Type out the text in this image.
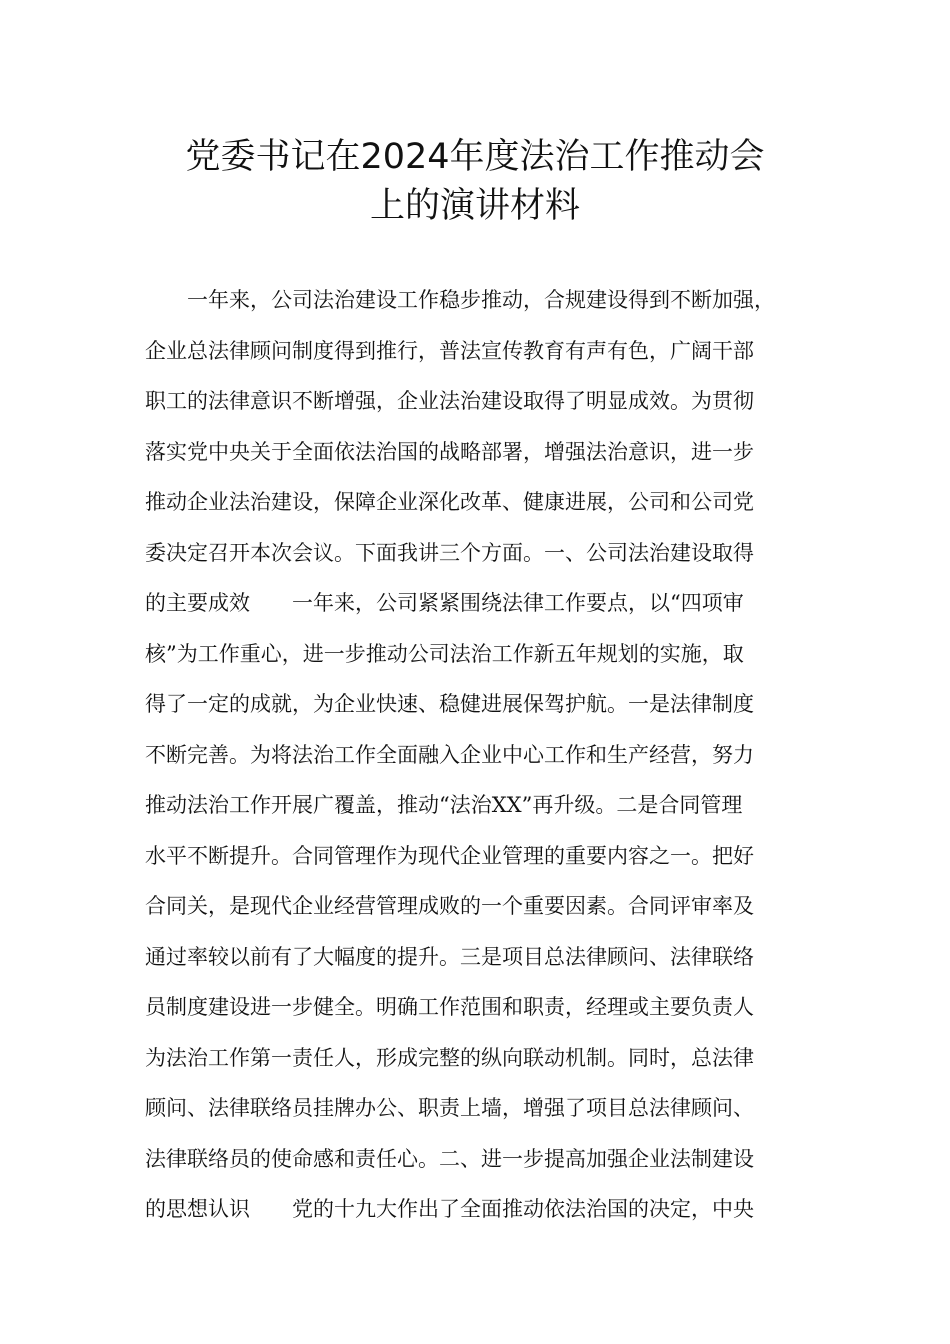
党委书记在2024年度法治工作推动会
上的演讲材料

　　一年来，公司法治建设工作稳步推动，合规建设得到不断加强，

企业总法律顾问制度得到推行，普法宣传教育有声有色，广阔干部

职工的法律意识不断增强，企业法治建设取得了明显成效。为贯彻

落实党中央关于全面依法治国的战略部署，增强法治意识，进一步

推动企业法治建设，保障企业深化改革、健康进展，公司和公司党

委决定召开本次会议。下面我讲三个方面。一、公司法治建设取得

的主要成效　　一年来，公司紧紧围绕法律工作要点，以“四项审

核”为工作重心，进一步推动公司法治工作新五年规划的实施，取

得了一定的成就，为企业快速、稳健进展保驾护航。一是法律制度

不断完善。为将法治工作全面融入企业中心工作和生产经营，努力

推动法治工作开展广覆盖，推动“法治XX”再升级。二是合同管理

水平不断提升。合同管理作为现代企业管理的重要内容之一。把好

合同关，是现代企业经营管理成败的一个重要因素。合同评审率及

通过率较以前有了大幅度的提升。三是项目总法律顾问、法律联络

员制度建设进一步健全。明确工作范围和职责，经理或主要负责人

为法治工作第一责任人，形成完整的纵向联动机制。同时，总法律

顾问、法律联络员挂牌办公、职责上墙，增强了项目总法律顾问、

法律联络员的使命感和责任心。二、进一步提高加强企业法制建设

的思想认识　　党的十九大作出了全面推动依法治国的决定，中央
